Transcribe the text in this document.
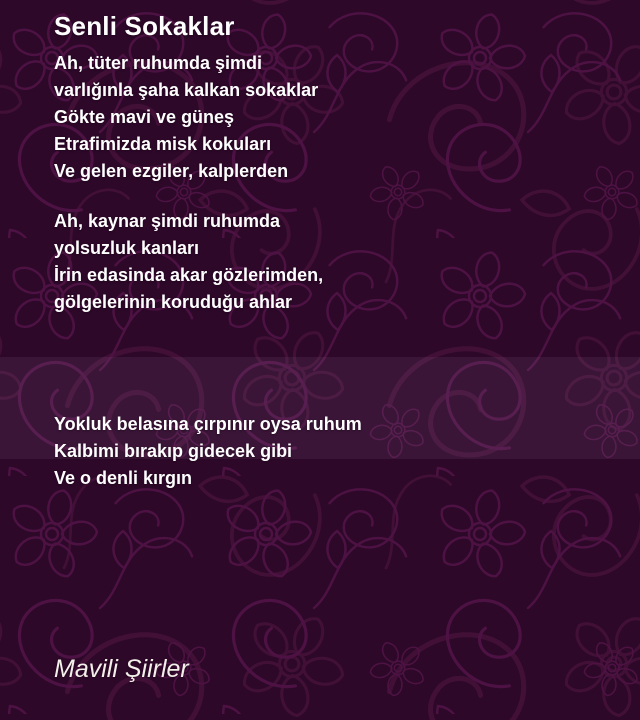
Senli Sokaklar

Ah, tüter ruhumda şimdi

varlığınla şaha kalkan sokaklar

Gökte mavi ve güneş

Etrafimizda misk kokuları

Ve gelen ezgiler, kalplerden

Ah, kaynar şimdi ruhumda

yolsuzluk kanları

İrin edasinda akar gözlerimden,

gölgelerinin koruduğu ahlar

Yokluk belasına çırpınır oysa ruhum

Kalbimi bırakıp gidecek gibi

Ve o denli kırgın

Mavili Şiirler
